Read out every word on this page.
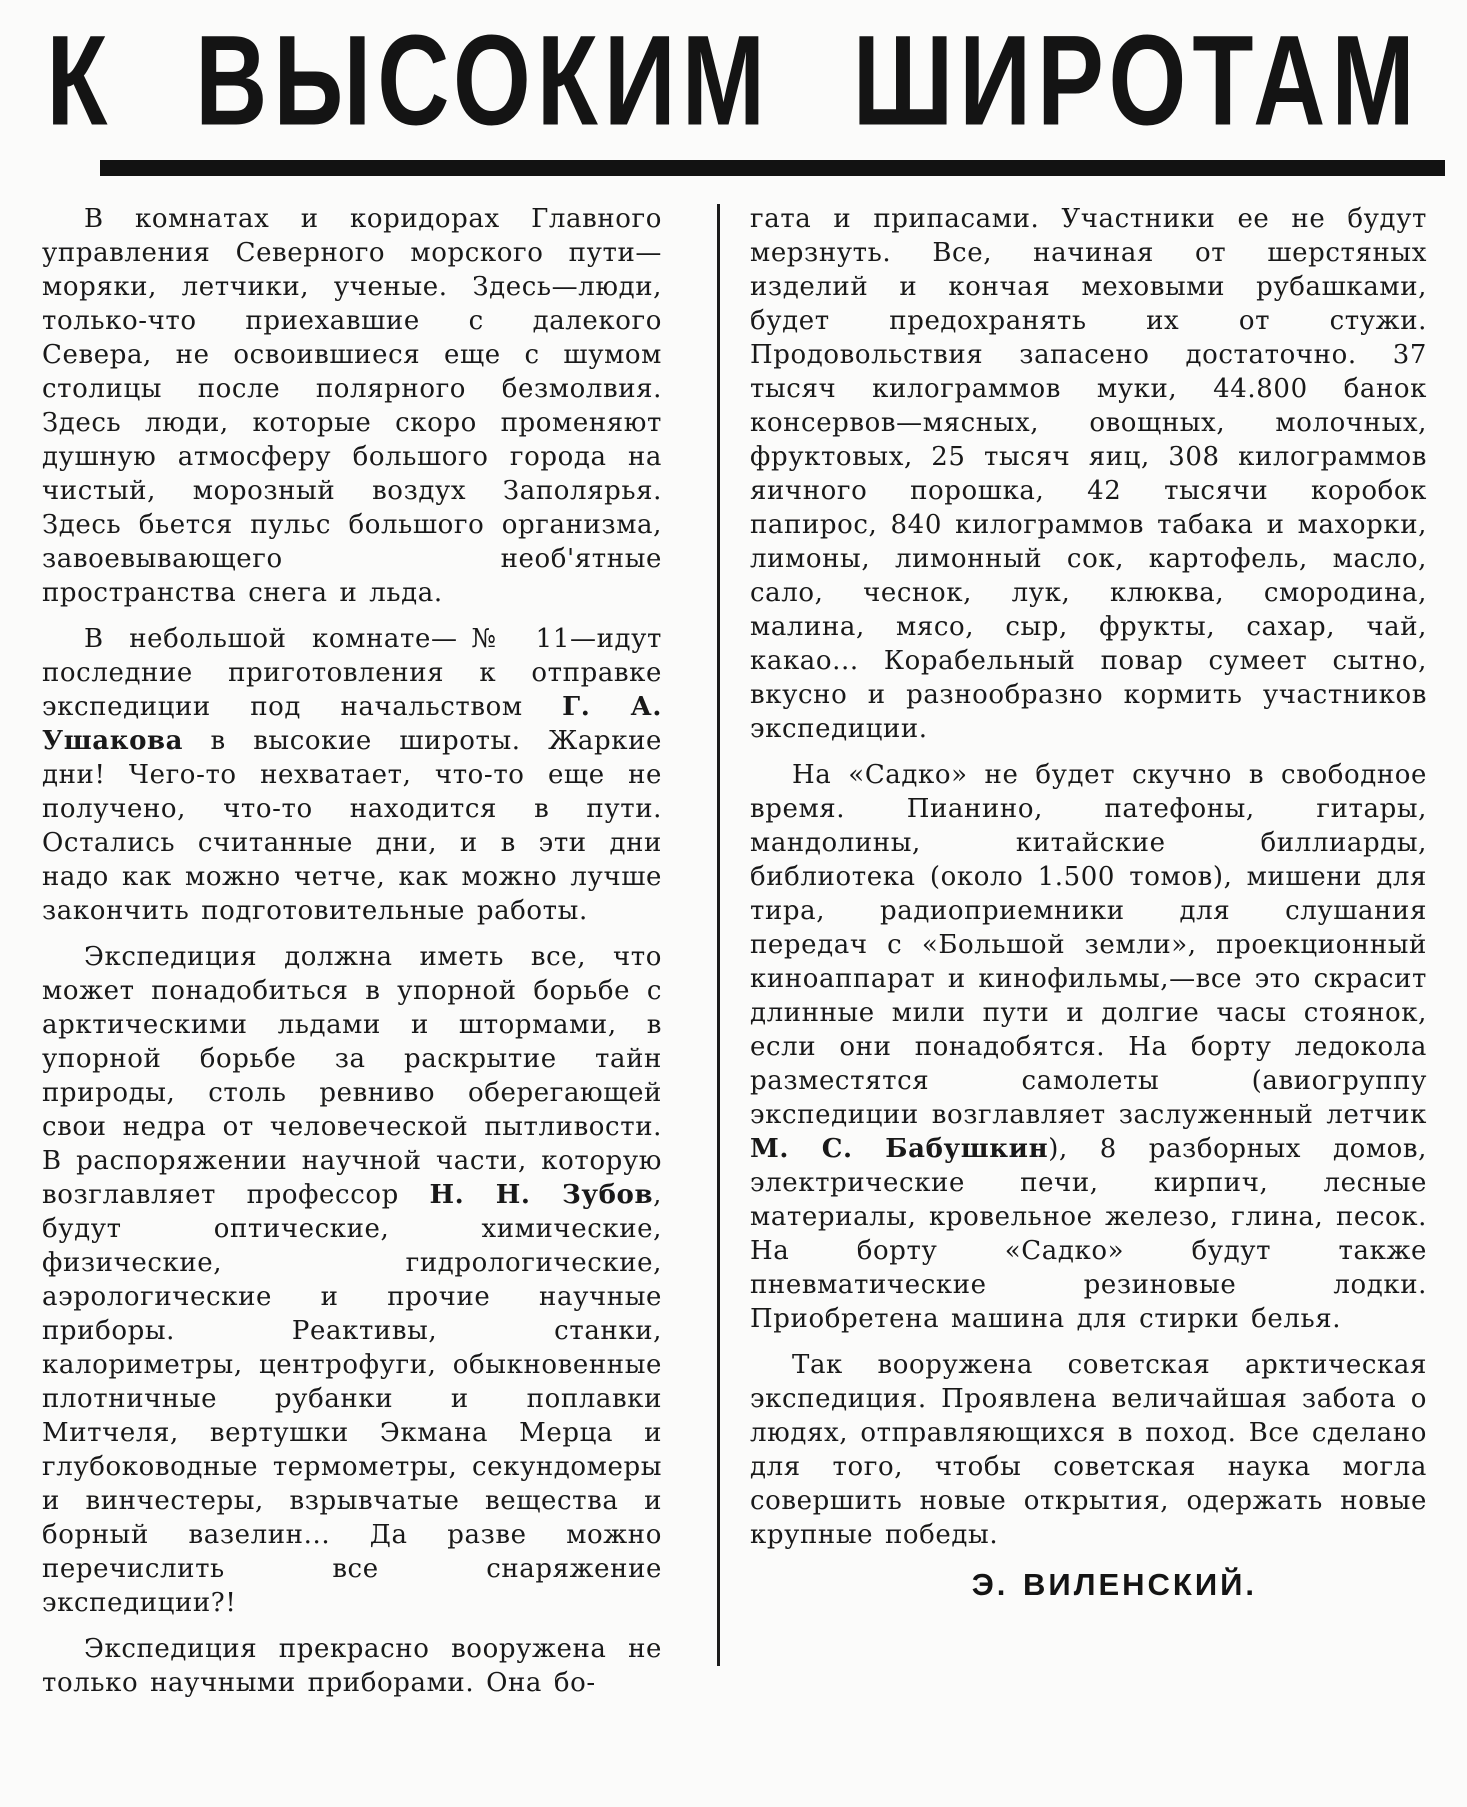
К ВЫСОКИМ ШИРОТАМ

В комнатах и коридорах Главного управления Северного морского пути—моряки, летчики, ученые. Здесь—люди, только-что приехавшие с далекого Севера, не освоившиеся еще с шумом столицы после полярного безмолвия. Здесь люди, которые скоро променяют душную атмосферу большого города на чистый, морозный воздух Заполярья. Здесь бьется пульс большого организма, завоевывающего необ'ятные пространства снега и льда.

В небольшой комнате—№ 11—идут последние приготовления к отправке экспедиции под начальством Г. А. Ушакова в высокие широты. Жаркие дни! Чего-то нехватает, что-то еще не получено, что-то находится в пути. Остались считанные дни, и в эти дни надо как можно четче, как можно лучше закончить подготовительные работы.

Экспедиция должна иметь все, что может понадобиться в упорной борьбе с арктическими льдами и штормами, в упорной борьбе за раскрытие тайн природы, столь ревниво оберегающей свои недра от человеческой пытливости. В распоряжении научной части, которую возглавляет профессор Н. Н. Зубов, будут оптические, химические, физические, гидрологические, аэрологические и прочие научные приборы. Реактивы, станки, калориметры, центрофуги, обыкновенные плотничные рубанки и поплавки Митчеля, вертушки Экмана Мерца и глубоководные термометры, секундомеры и винчестеры, взрывчатые вещества и борный вазелин... Да разве можно перечислить все снаряжение экспедиции?!

Экспедиция прекрасно вооружена не только научными приборами. Она бо-

гата и припасами. Участники ее не будут мерзнуть. Все, начиная от шерстяных изделий и кончая меховыми рубашками, будет предохранять их от стужи. Продовольствия запасено достаточно. 37 тысяч килограммов муки, 44.800 банок консервов—мясных, овощных, молочных, фруктовых, 25 тысяч яиц, 308 килограммов яичного порошка, 42 тысячи коробок папирос, 840 килограммов табака и махорки, лимоны, лимонный сок, картофель, масло, сало, чеснок, лук, клюква, смородина, малина, мясо, сыр, фрукты, сахар, чай, какао... Корабельный повар сумеет сытно, вкусно и разнообразно кормить участников экспедиции.

На «Садко» не будет скучно в свободное время. Пианино, патефоны, гитары, мандолины, китайские биллиарды, библиотека (около 1.500 томов), мишени для тира, радиоприемники для слушания передач с «Большой земли», проекционный киноаппарат и кинофильмы,—все это скрасит длинные мили пути и долгие часы стоянок, если они понадобятся. На борту ледокола разместятся самолеты (авиогруппу экспедиции возглавляет заслуженный летчик М. С. Бабушкин), 8 разборных домов, электрические печи, кирпич, лесные материалы, кровельное железо, глина, песок. На борту «Садко» будут также пневматические резиновые лодки. Приобретена машина для стирки белья.

Так вооружена советская арктическая экспедиция. Проявлена величайшая забота о людях, отправляющихся в поход. Все сделано для того, чтобы советская наука могла совершить новые открытия, одержать новые крупные победы.

Э. ВИЛЕНСКИЙ.
